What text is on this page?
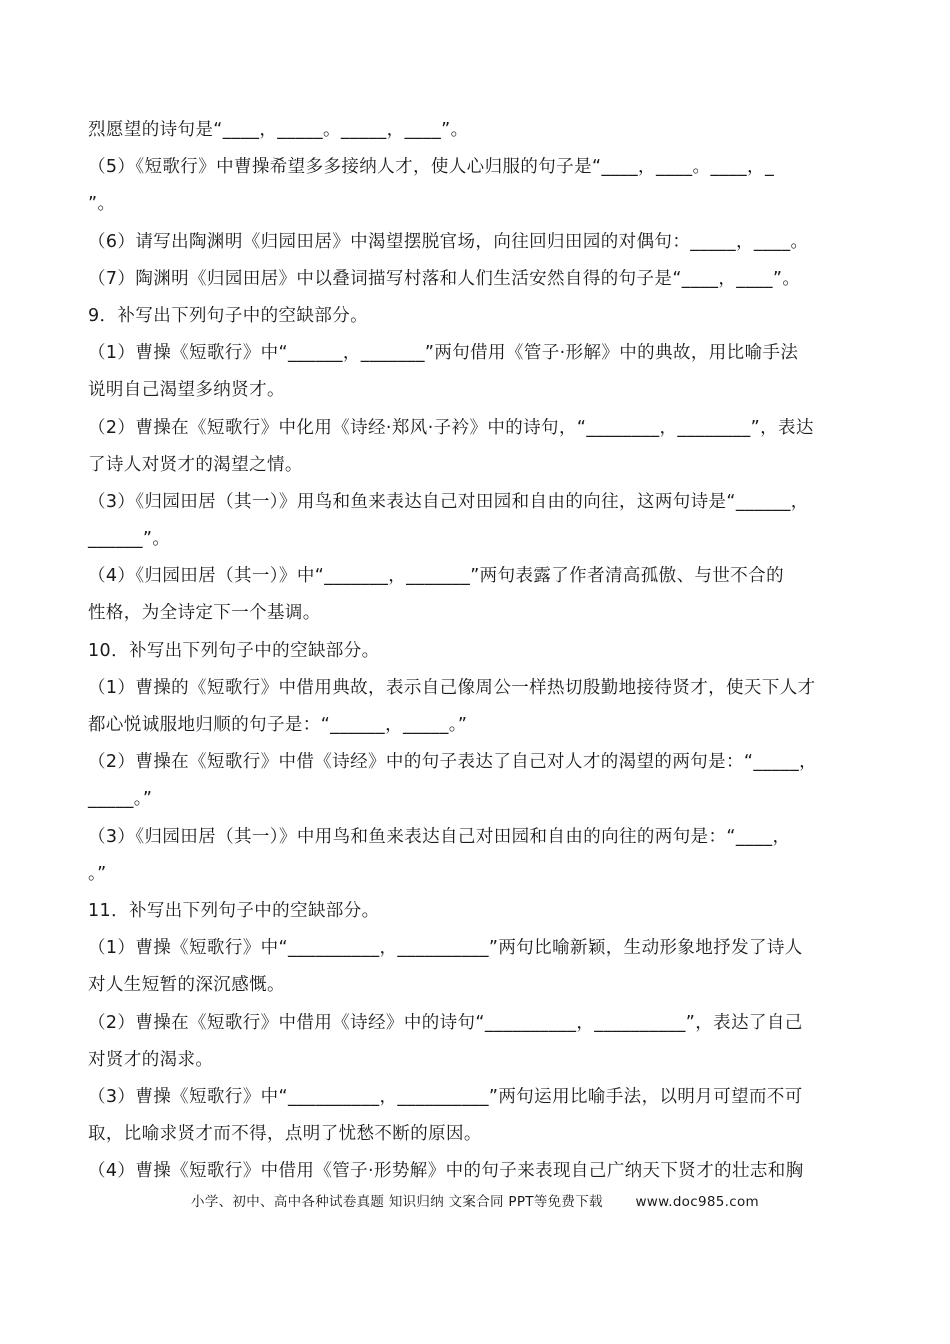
烈愿望的诗句是“____，_____。_____，____”。
（5）《短歌行》中曹操希望多多接纳人才，使人心归服的句子是“____，____。____，_
”。
（6）请写出陶渊明《归园田居》中渴望摆脱官场，向往回归田园的对偶句：_____，____。
（7）陶渊明《归园田居》中以叠词描写村落和人们生活安然自得的句子是“____，____”。
9．补写出下列句子中的空缺部分。
（1）曹操《短歌行》中“______，_______”两句借用《管子·形解》中的典故，用比喻手法
说明自己渴望多纳贤才。
（2）曹操在《短歌行》中化用《诗经·郑风·子衿》中的诗句，“________，________”，表达
了诗人对贤才的渴望之情。
（3）《归园田居（其一）》用鸟和鱼来表达自己对田园和自由的向往，这两句诗是“______，
______”。
（4）《归园田居（其一）》中“_______，_______”两句表露了作者清高孤傲、与世不合的
性格，为全诗定下一个基调。
10．补写出下列句子中的空缺部分。
（1）曹操的《短歌行》中借用典故，表示自己像周公一样热切殷勤地接待贤才，使天下人才
都心悦诚服地归顺的句子是：“______，_____。”
（2）曹操在《短歌行》中借《诗经》中的句子表达了自己对人才的渴望的两句是：“_____，
_____。”
（3）《归园田居（其一）》中用鸟和鱼来表达自己对田园和自由的向往的两句是：“____，
。”
11．补写出下列句子中的空缺部分。
（1）曹操《短歌行》中“__________，__________”两句比喻新颖，生动形象地抒发了诗人
对人生短暂的深沉感慨。
（2）曹操在《短歌行》中借用《诗经》中的诗句“__________，__________”，表达了自己
对贤才的渴求。
（3）曹操《短歌行》中“__________，__________”两句运用比喻手法，以明月可望而不可
取，比喻求贤才而不得，点明了忧愁不断的原因。
（4）曹操《短歌行》中借用《管子·形势解》中的句子来表现自己广纳天下贤才的壮志和胸
小学、初中、高中各种试卷真题 知识归纳 文案合同 PPT等免费下载 www.doc985.com
